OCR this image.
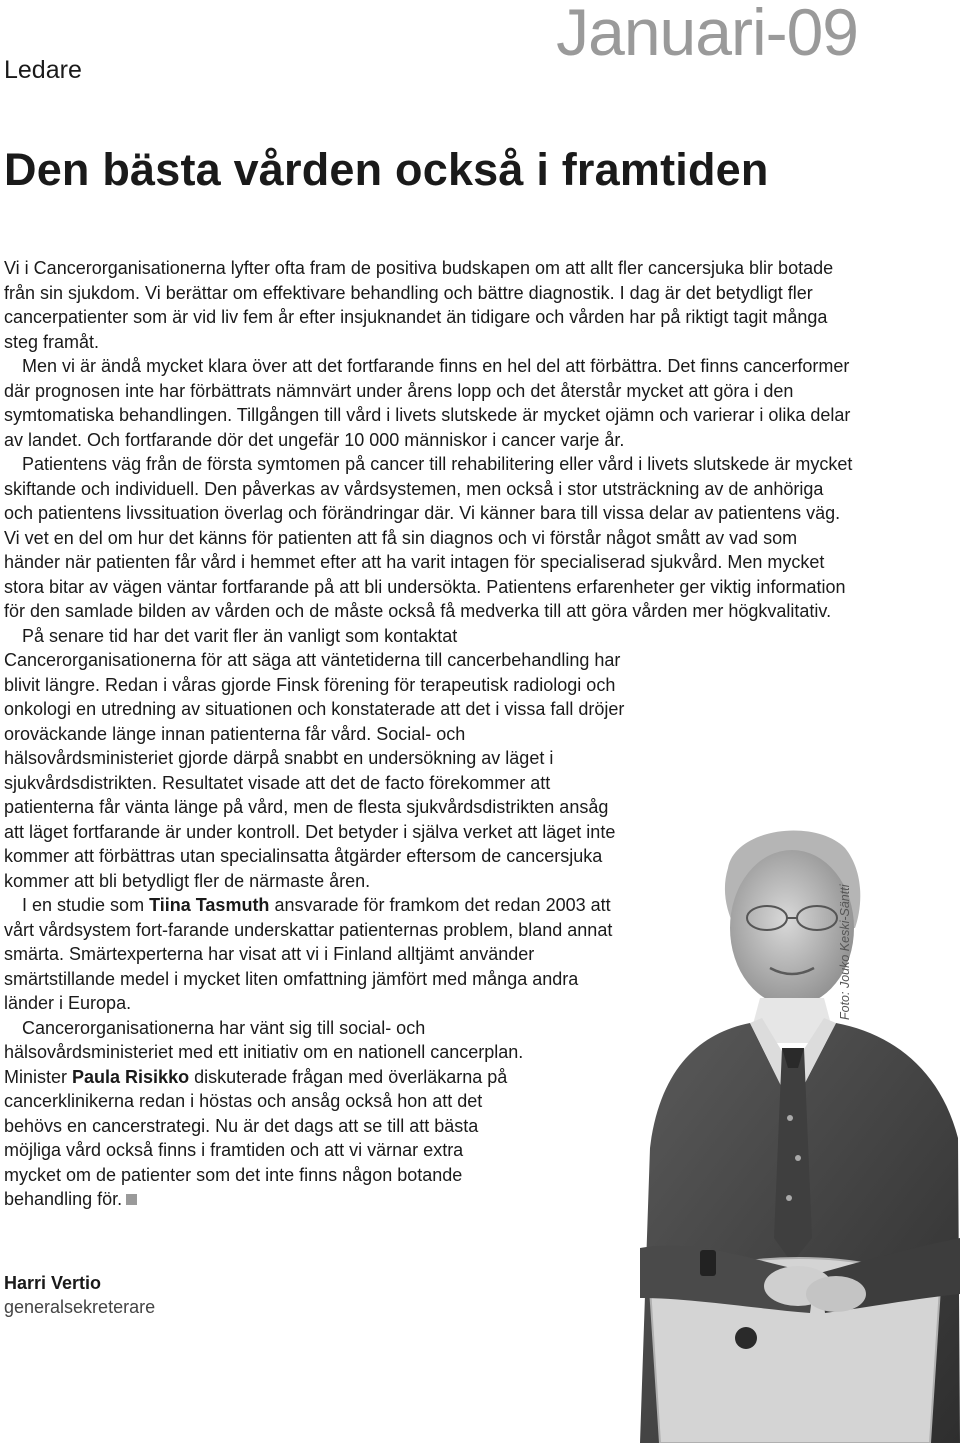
Ledare
Januari-09
Den bästa vården också i framtiden
Foto: Jouko Keski-Säntti

Vi i Cancerorganisationerna lyfter ofta fram de positiva budskapen om att allt fler cancersjuka blir botade från sin sjukdom. Vi berättar om effektivare behandling och bättre diagnostik. I dag är det betydligt fler cancerpatienter som är vid liv fem år efter insjuknandet än tidigare och vården har på riktigt tagit många steg framåt.

Men vi är ändå mycket klara över att det fortfarande finns en hel del att förbättra. Det finns cancerformer där prognosen inte har förbättrats nämnvärt under årens lopp och det återstår mycket att göra i den symtomatiska behandlingen. Tillgången till vård i livets slutskede är mycket ojämn och varierar i olika delar av landet. Och fortfarande dör det ungefär 10 000 människor i cancer varje år.

Patientens väg från de första symtomen på cancer till rehabilitering eller vård i livets slutskede är mycket skiftande och individuell. Den påverkas av vårdsystemen, men också i stor utsträckning av de anhöriga och patientens livssituation överlag och förändringar där. Vi känner bara till vissa delar av patientens väg. Vi vet en del om hur det känns för patienten att få sin diagnos och vi förstår något smått av vad som händer när patienten får vård i hemmet efter att ha varit intagen för specialiserad sjukvård. Men mycket stora bitar av vägen väntar fortfarande på att bli undersökta. Patientens erfarenheter ger viktig information för den samlade bilden av vården och de måste också få medverka till att göra vården mer högkvalitativ.

På senare tid har det varit fler än vanligt som kontaktat Cancerorganisationerna för att säga att väntetiderna till cancerbehandling har blivit längre. Redan i våras gjorde Finsk förening för terapeutisk radiologi och onkologi en utredning av situationen och konstaterade att det i vissa fall dröjer oroväckande länge innan patienterna får vård. Social- och hälsovårdsministeriet gjorde därpå snabbt en undersökning av läget i sjukvårdsdistrikten. Resultatet visade att det de facto förekommer att patienterna får vänta länge på vård, men de flesta sjukvårdsdistrikten ansåg att läget fortfarande är under kontroll. Det betyder i själva verket att läget inte kommer att förbättras utan specialinsatta åtgärder eftersom de cancersjuka kommer att bli betydligt fler de närmaste åren.

I en studie som Tiina Tasmuth ansvarade för framkom det redan 2003 att vårt vårdsystem fort-farande underskattar patienternas problem, bland annat smärta. Smärtexperterna har visat att vi i Finland alltjämt använder smärtstillande medel i mycket liten omfattning jämfört med många andra länder i Europa.

Cancerorganisationerna har vänt sig till social- och hälsovårdsministeriet med ett initiativ om en nationell cancerplan.

Minister Paula Risikko diskuterade frågan med överläkarna på cancerklinikerna redan i höstas och ansåg också hon att det behövs en cancerstrategi. Nu är det dags att se till att bästa möjliga vård också finns i framtiden och att vi värnar extra mycket om de patienter som det inte finns någon botande behandling för.

Harri Vertio
generalsekreterare
